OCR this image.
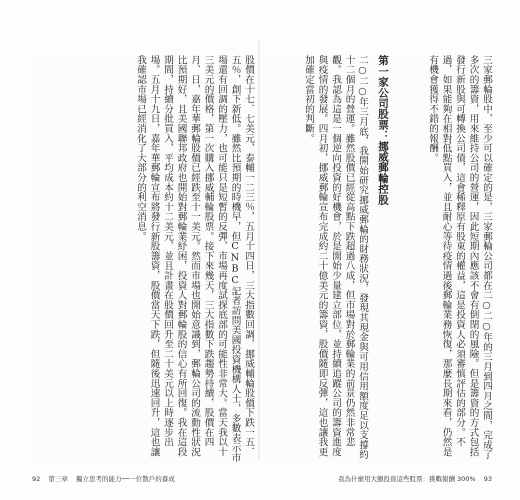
股價在十七．七美元，泰輔一二三％，五月十四日，三大指數回調，挪威輔輪股價下跌一五．五％，創下新低。雖然比預期的時機早，但CNBC記者訪問美國投資機構人士，多數表示市場還有回調的壓力，也可能只是短暫的反彈，市場再度試探底部的可能性非常大。當天我以十三美元的價格，第一次購入挪威輔輪股票。接下來幾天，三大指數下跌趨勢持續，股價在四月、日，嘉年華郵輪股價已經跌至十一美元。然而市場也開始意識到，郵輪公司的流動性狀況比預期好，且美國聯邦政府也開始對郵輪業紓困，投資人對郵輪股的信心有所回復。我在這段期間，持續分批買入，平均成本約十二美元，並且計畫在股價回升至二十美元以上時逐步出場。五月十九日，嘉年華郵輪宣布將發行新股籌資，股價當天下跌，但隨後迅速回升，這也讓我確認市場已經消化了大部分的利空消息。	三家郵輪股中，至少可以確定的是，三家郵輪公司都在二○二○年的三月到四月之間，完成了多次的籌資，用來維持公司的營運，因此短期內應該不會有倒閉的風險。但是籌資的方式包括發行新股與可轉換公司債，這會稀釋原有股東的權益，這是投資人必須審慎評估的部分。不過，如果能夠在相對低點買入，並且耐心等待疫情過後郵輪業務恢復，那麼長期來看，仍然是有機會獲得不錯的報酬。
第一家公司股票：挪威郵輪控股
二○二○年三月底，我開始研究挪威郵輪的財務狀況，發現其現金與可用信用額度足以支撐約十二個月的營運。雖然股價已經從高點下跌超過八成，但市場對於郵輪業的前景仍然非常悲觀。我認為這是一個逆向投資的好機會，於是開始少量建立部位，並持續追蹤公司的籌資進度與疫情的發展。四月初，挪威郵輪宣布完成約二十億美元的籌資，股價隨即反彈，這也讓我更加確定當初的判斷。
92 第三章 獨立思考的能力──一位散戶的養成	我為什麼用大額投資這些股票：挑戰報酬 300% 93
